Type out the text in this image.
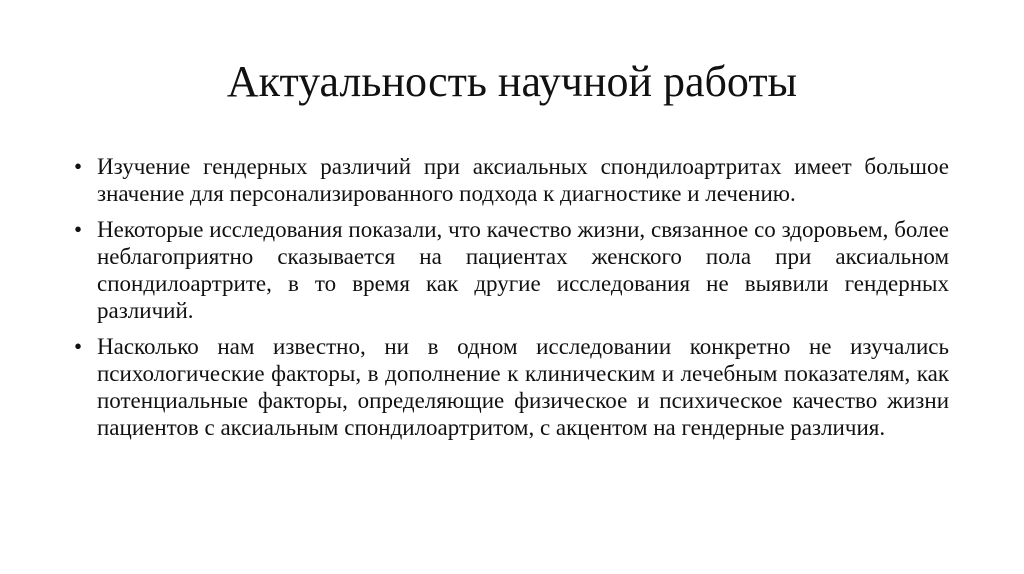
Актуальность научной работы
• Изучение гендерных различий при аксиальных спондилоартритах имеет большое значение для персонализированного подхода к диагностике и лечению.
• Некоторые исследования показали, что качество жизни, связанное со здоровьем, более неблагоприятно сказывается на пациентах женского пола при аксиальном спондилоартрите, в то время как другие исследования не выявили гендерных различий.
• Насколько нам известно, ни в одном исследовании конкретно не изучались психологические факторы, в дополнение к клиническим и лечебным показателям, как потенциальные факторы, определяющие физическое и психическое качество жизни пациентов с аксиальным спондилоартритом, с акцентом на гендерные различия.
